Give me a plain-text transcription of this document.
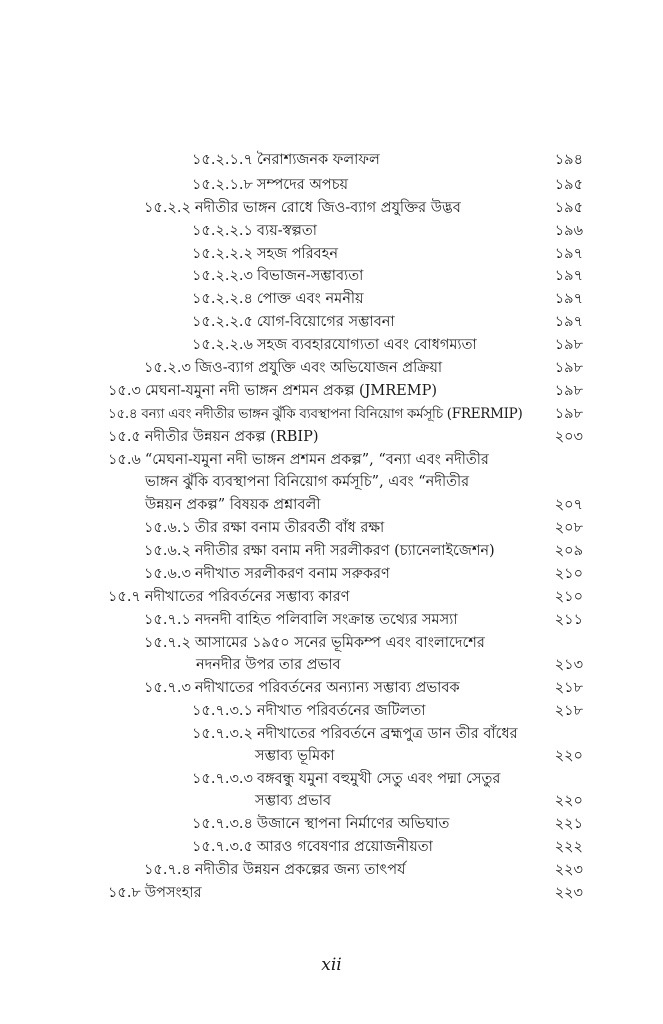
১৫.২.১.৭ নৈরাশ্যজনক ফলাফল	১৯৪
১৫.২.১.৮ সম্পদের অপচয়	১৯৫
১৫.২.২ নদীতীর ভাঙ্গন রোধে জিও-ব্যাগ প্রযুক্তির উদ্ভব	১৯৫
১৫.২.২.১ ব্যয়-স্বল্পতা	১৯৬
১৫.২.২.২ সহজ পরিবহন	১৯৭
১৫.২.২.৩ বিভাজন-সম্ভাব্যতা	১৯৭
১৫.২.২.৪ পোক্ত এবং নমনীয়	১৯৭
১৫.২.২.৫ যোগ-বিয়োগের সম্ভাবনা	১৯৭
১৫.২.২.৬ সহজ ব্যবহারযোগ্যতা এবং বোধগম্যতা	১৯৮
১৫.২.৩ জিও-ব্যাগ প্রযুক্তি এবং অভিযোজন প্রক্রিয়া	১৯৮
১৫.৩ মেঘনা-যমুনা নদী ভাঙ্গন প্রশমন প্রকল্প (JMREMP)	১৯৮
১৫.৪ বন্যা এবং নদীতীর ভাঙ্গন ঝুঁকি ব্যবস্থাপনা বিনিয়োগ কর্মসূচি (FRERMIP) ১৯৮
১৫.৫ নদীতীর উন্নয়ন প্রকল্প (RBIP)	২০৩
১৫.৬ “মেঘনা-যমুনা নদী ভাঙ্গন প্রশমন প্রকল্প”, “বন্যা এবং নদীতীর
ভাঙ্গন ঝুঁকি ব্যবস্থাপনা বিনিয়োগ কর্মসূচি”, এবং “নদীতীর
উন্নয়ন প্রকল্প” বিষয়ক প্রশ্নাবলী	২০৭
১৫.৬.১ তীর রক্ষা বনাম তীরবর্তী বাঁধ রক্ষা	২০৮
১৫.৬.২ নদীতীর রক্ষা বনাম নদী সরলীকরণ (চ্যানেলাইজেশন)	২০৯
১৫.৬.৩ নদীখাত সরলীকরণ বনাম সরুকরণ	২১০
১৫.৭ নদীখাতের পরিবর্তনের সম্ভাব্য কারণ	২১০
১৫.৭.১ নদনদী বাহিত পলিবালি সংক্রান্ত তথ্যের সমস্যা	২১১
১৫.৭.২ আসামের ১৯৫০ সনের ভূমিকম্প এবং বাংলাদেশের
নদনদীর উপর তার প্রভাব	২১৩
১৫.৭.৩ নদীখাতের পরিবর্তনের অন্যান্য সম্ভাব্য প্রভাবক	২১৮
১৫.৭.৩.১ নদীখাত পরিবর্তনের জটিলতা	২১৮
১৫.৭.৩.২ নদীখাতের পরিবর্তনে ব্রহ্মপুত্র ডান তীর বাঁধের
সম্ভাব্য ভূমিকা	২২০
১৫.৭.৩.৩ বঙ্গবন্ধু যমুনা বহুমুখী সেতু এবং পদ্মা সেতুর
সম্ভাব্য প্রভাব	২২০
১৫.৭.৩.৪ উজানে স্থাপনা নির্মাণের অভিঘাত	২২১
১৫.৭.৩.৫ আরও গবেষণার প্রয়োজনীয়তা	২২২
১৫.৭.৪ নদীতীর উন্নয়ন প্রকল্পের জন্য তাৎপর্য	২২৩
১৫.৮ উপসংহার	২২৩
xii
